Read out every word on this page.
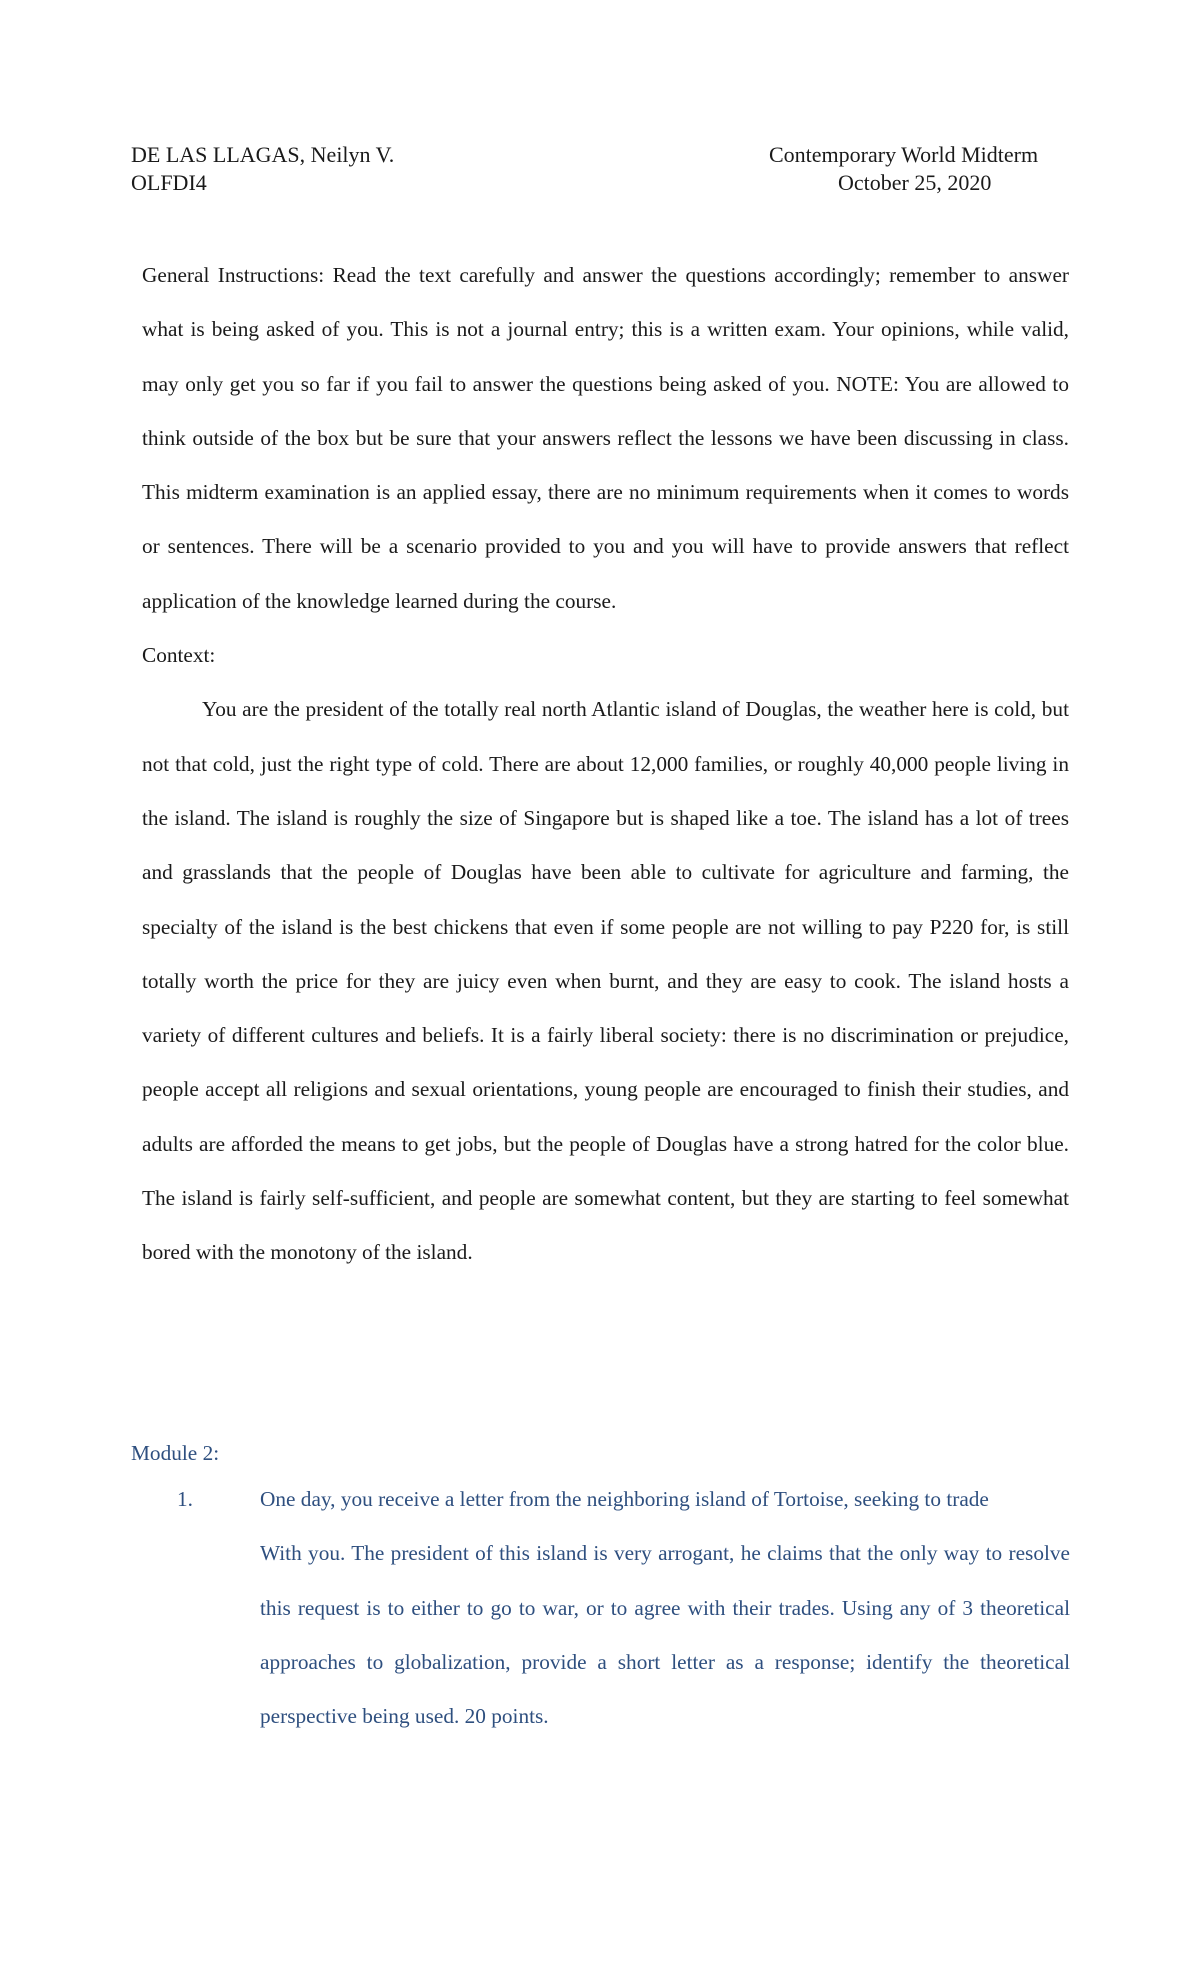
DE LAS LLAGAS, Neilyn V.
OLFDI4
Contemporary World Midterm
October 25, 2020

General Instructions: Read the text carefully and answer the questions accordingly; remember to answer what is being asked of you. This is not a journal entry; this is a written exam. Your opinions, while valid, may only get you so far if you fail to answer the questions being asked of you. NOTE: You are allowed to think outside of the box but be sure that your answers reflect the lessons we have been discussing in class. This midterm examination is an applied essay, there are no minimum requirements when it comes to words or sentences. There will be a scenario provided to you and you will have to provide answers that reflect application of the knowledge learned during the course.

Context:

You are the president of the totally real north Atlantic island of Douglas, the weather here is cold, but not that cold, just the right type of cold. There are about 12,000 families, or roughly 40,000 people living in the island. The island is roughly the size of Singapore but is shaped like a toe. The island has a lot of trees and grasslands that the people of Douglas have been able to cultivate for agriculture and farming, the specialty of the island is the best chickens that even if some people are not willing to pay P220 for, is still totally worth the price for they are juicy even when burnt, and they are easy to cook. The island hosts a variety of different cultures and beliefs. It is a fairly liberal society: there is no discrimination or prejudice, people accept all religions and sexual orientations, young people are encouraged to finish their studies, and adults are afforded the means to get jobs, but the people of Douglas have a strong hatred for the color blue. The island is fairly self-sufficient, and people are somewhat content, but they are starting to feel somewhat bored with the monotony of the island.

Module 2:

1.	One day, you receive a letter from the neighboring island of Tortoise, seeking to trade
With you. The president of this island is very arrogant, he claims that the only way to resolve this request is to either to go to war, or to agree with their trades. Using any of 3 theoretical approaches to globalization, provide a short letter as a response; identify the theoretical perspective being used. 20 points.
